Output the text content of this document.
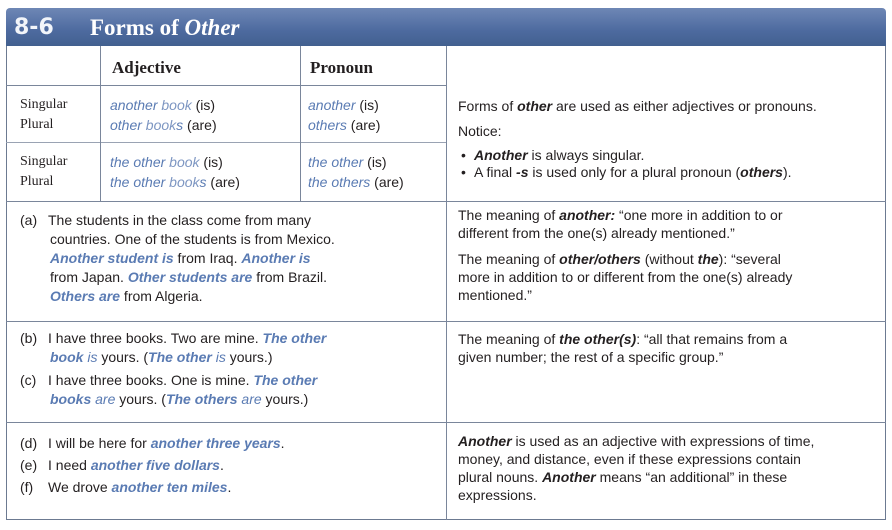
8-6 Forms of Other
Adjective	Pronoun
Singular
Plural
Singular
Plural
another book (is)
other books (are)
another (is)
others (are)
the other book (is)
the other books (are)
the other (is)
the others (are)
Forms of other are used as either adjectives or pronouns.
Notice:
• Another is always singular.
• A final -s is used only for a plural pronoun (others).
(a) The students in the class come from many
countries. One of the students is from Mexico.
Another student is from Iraq. Another is
from Japan. Other students are from Brazil.
Others are from Algeria.
The meaning of another: “one more in addition to or
different from the one(s) already mentioned.”
The meaning of other/others (without the): “several
more in addition to or different from the one(s) already
mentioned.”
(b) I have three books. Two are mine. The other
book is yours. (The other is yours.)
(c) I have three books. One is mine. The other
books are yours. (The others are yours.)
The meaning of the other(s): “all that remains from a
given number; the rest of a specific group.”
(d) I will be here for another three years.
(e) I need another five dollars.
(f) We drove another ten miles.
Another is used as an adjective with expressions of time,
money, and distance, even if these expressions contain
plural nouns. Another means “an additional” in these
expressions.
